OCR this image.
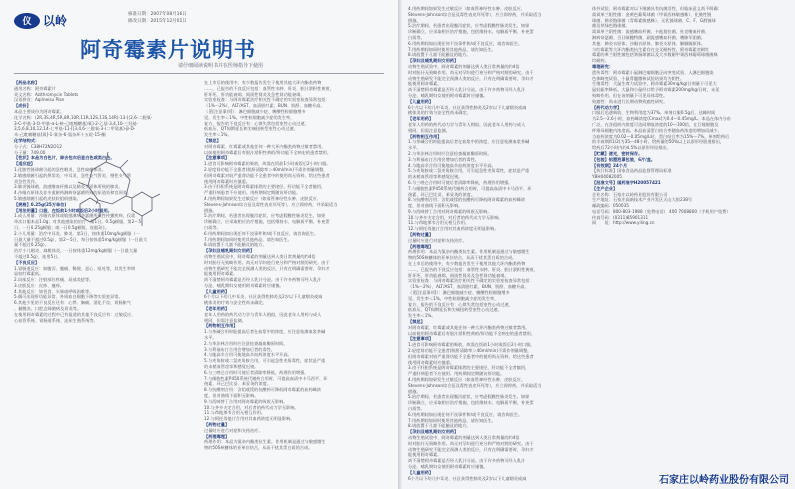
仪 以岭	核准日期：2007年08月16日
修改日期：2015年12月01日
阿奇霉素片说明书
请仔细阅读说明书并在医师指导下使用
【药品名称】
通用名称：阿奇霉素片
英文名称：Azithromycin Tablets
汉语拼音：Aqimeisu Pian
【成份】
本品主要成份为阿奇霉素。
化学名称：(2R,3S,4R,5R,8R,10R,11R,12S,13S,14R)-13-[(2,6-二脱氧-
3-C-甲基-3-O-甲基-α-L-核-己吡喃糖基)氧]-2-乙基-3,4,10-三羟基-
3,5,6,8,10,12,14-七甲基-11-[[3,4,6-三脱氧-3-(二甲氨基)-β-D-
木-己吡喃糖基]氧]-1-氧杂-6-氮杂环十五烷-15-酮
化学结构式：
分子式：C38H72N2O12
分子量：749.00
【性状】本品为白色片，除去包衣后显白色或类白色。
【适应症】
1.化脓性链球菌引起的急性咽炎、急性扁桃体炎。
2.敏感细菌引起的鼻窦炎、中耳炎、急性支气管炎、慢性支气管
炎急性发作。
3.肺炎链球菌、流感嗜血杆菌以及肺炎支原体所致的肺炎。
4.沙眼衣原体及非多重耐药淋病奈瑟菌所致的尿道炎和宫颈炎。
5.敏感细菌引起的皮肤软组织感染。
【规格】0.25g(25万单位)
【用法用量】口服，在饭前1小时或饭后2小时服用。
1.成人用量：沙眼衣原体或敏感淋病奈瑟菌所致性传播疾病，仅需
单次口服本品1.0g；对其他感染的治疗：第1日，0.5g顿服，第2～5
日，一日0.25g顿服；或一日0.5g顿服，连服3日。
2.小儿用量：治疗中耳炎、肺炎，第1日，按体重10mg/kg顿服（一
日最大量不超过0.5g），第2～5日，每日按体重5mg/kg顿服（一日最大
量不超过0.25g）。
治疗小儿咽炎、扁桃体炎，一日按体重12mg/kg顿服（一日最大量
不超过0.5g），连用5日。
【不良反应】
1.胃肠道反应：如腹泻、腹痛、稀便、恶心、呕吐等，其发生率明
显较红霉素低。
2.局部反应：注射部位疼痛、局部炎症等。
3.皮肤反应：皮疹、瘙痒。
4.其他反应：如畏食、头晕或呼吸困难等。
5.偶可出现肝功能异常、外周血白细胞下降等实验室异常。
6.其他少见的不良反应还有：心悸、胸痛、消化不良、胃肠胀气
、黏膜炎、口腔念珠菌病及胃炎等。
在使用阿奇霉素的过程中已有报道的其他不良反应有：过敏反应、
心血管系统、胃肠道系统、泌尿生殖系统等。
在上市后的使用中，有少数报告发生于使用其他大环内酯类药物
……，已报告的不良反应包括：血管性水肿、肝炎、胆汁淤积性黄疸、
肝坏死、肝功能衰竭、间质性肾炎及急性肾功能衰竭。
实验室检查：与阿奇霉素治疗相关性不确定的实验室检查异常包括：
（1%～2%）、ALT/AST、血清胆红素、BUN、肌酐、血糖升高。
（见[注意事项]）：淋巴细胞减少症、嗜酸性粒细胞增多
见，发生率＜1%。中性粒细胞减少症的发生率，
复方，报告的不良反应有：心律失常包括室性心动过速，
低血压、QT间期延长和尖端扭转型室性心动过速。
发生率＜1%。
【禁忌】
对阿奇霉素、红霉素或其他任何一种大环内酯类药物过敏者禁用。
以前使用阿奇霉素后有胆汁淤积性黄疸/肝功能不全病史的患者禁用。
【注意事项】
1.进食可影响阿奇霉素的吸收，故需在饭前1小时或饭后2小时口服。
2.轻度肾功能不全患者(肌酐清除率＞40ml/min)不需作剂量调整，
但阿奇霉素对较严重肾功能不全患者中的使用尚无资料，给这些患者
使用阿奇霉素时应慎重。
3.由于肝胆系统是阿奇霉素排泄的主要途径，肝功能不全者慎用，
严重肝病患者不应使用。用药期间定期随访肝功能。
4.用药期间如果发生过敏反应（如血管神经性水肿、皮肤反应、
Stevens-Johnson综合征及毒性表皮坏死等），应立即停药，并采取适当
措施。
5.治疗期间，若患者出现腹泻症状，应考虑假膜性肠炎发生。如果
诊断确立，应采取相应治疗措施，包括维持水、电解质平衡、补充蛋
白质等。
6.用药期间如出现任何不良事件和/或不良反应，请咨询医生。
7.用药期间如同时使用其他药品，请告知医生。
8.请放置于儿童不能触及的地方。
【孕妇及哺乳期妇女用药】
动物生殖试验中，阿奇霉素的剂量达到人类日常剂量的约4倍
时对胎仔无致畸作用。尚无对孕妇进行充分和严格对照的研究。由于
动物生殖研究不能完全预测人类的反应，只有在明确需要时，孕妇才
能使用阿奇霉素。
尚不清楚阿奇霉素是否经人乳汁分泌。由于许多药物可经人乳汁
分泌，哺乳期妇女使用阿奇霉素时应谨慎。
【儿童用药】
6个月以下幼儿中耳炎、社区获得性肺炎及2岁以下儿童咽炎或扁
桃体炎的疗效与安全性尚未确定。
【老年用药】
老年人用药的药代动力学与青年人相似，因此老年人用药与成人
相同，但需注意监测。
【药物相互作用】
1.与茶碱合用时能提高后者在血浆中的浓度，应注意检测血浆茶碱
水平。
2.与华法林合用时应注意检查凝血酶原时间。
3.与利福布汀合用会增加后者的毒性。
4.与地高辛合用可使地高辛血药浓度水平升高。
5.与麦角胺或二氢麦角胺合用，可引起急性麦角毒性，症状是严重
的末梢血管痉挛和感觉迟钝。
6.与三唑仑合用时可使后者清除率降低，药理作用增强。
7.与细胞色素P450系统代谢药合用时，可提高血清中卡马西平、环
孢素、环己巴比妥、苯妥英的浓度。
8.与抗酸剂合用：含铝或镁的抗酸药可降低阿奇霉素的血药峰浓
度，但对曲线下面积无影响。
9.与西咪替丁合用对阿奇霉素的吸收无影响。
10.与齐多夫定合用，对后者的药代动力学无影响。
11.与茚地那韦合用无相互作用。
12.与阿托伐他汀合用对其血药浓度无明显影响。
【药物过量】
过量时应进行对症和支持治疗。
【药理毒理】
药理作用：本品为氮杂内酯类抗生素。作用机制是通过与敏感微生
物的50S核糖体的亚单位结合，从而干扰其蛋白质的合成。
体外试验，阿奇霉素对以下细菌具有抗菌活性，但临床意义尚不明确：
需氧革兰阳性菌：金黄色葡萄球菌（甲氧西林敏感株）、化脓性链
球菌、肺炎链球菌（青霉素敏感株）、无乳链球菌、C、F、G群链球
菌及草绿色链球菌。
需氧革兰阴性菌：流感嗜血杆菌、卡他莫拉菌、杜克嗜血杆菌、
淋病奈瑟菌、百日咳鲍特菌、副流感嗜血杆菌、嗜肺军团菌。
其他：肺炎衣原体、沙眼衣原体、肺炎支原体、解脲脲原体。
与红霉素等大环内酯类抗生素存在交叉耐药性。阿奇霉素对耐红
霉素的革兰阳性菌包括粪肠球菌以及大多数耐甲氧西林葡萄球菌菌株
均耐药。
毒理研究：
遗传毒性：阿奇霉素小鼠淋巴瘤细胞正向突变试验、人淋巴细胞染
色体畸变试验、小鼠骨髓微核试验结果均为阴性。
生殖毒性：大鼠生育力试验中，阿奇霉素30mg/kg/日剂量下可见大
鼠妊娠率降低。大鼠和小鼠经口给予阿奇霉素200mg/kg/日时，未见
致畸作用，但在该剂量下可见母体毒性。
致癌性：尚未进行长期动物致癌性研究。
【药代动力学】
口服后迅速吸收，生物利用度为37%。单剂口服0.5g后，达峰时间
为2.5～2.6小时，血药峰浓度(Cmax)为0.4～0.45mg/L。本品在体内分布
广泛，在各组织内浓度可达同期血浓度的10～100倍，在巨噬细胞及
纤维母细胞内浓度高。本品血清蛋白结合率随血药浓度的增加而减少，
当血药浓度为0.02～0.05mg/L时，蛋白结合率为15%～7%。单剂给药后
的半衰期(t1/2)为35～48小时。给药量的50%以上以原形经胆道排出，
给药后72小时内约4.5%以原形经尿排出。
【贮藏】遮光，密封保存。
【包装】铝塑泡罩包装，6片/盒。
【有效期】24个月
【执行标准】国家食品药品监督管理局标准
YBH04082005
【批准文号】国药准字H20057421
【生产企业】
企业名称：石家庄以岭药业股份有限公司
生产地址：石家庄高新技术产业开发区天山大街238号
邮政编码：050035
电话号码：800-803-1988（免费电话） 400 7008800（手机用户免费）
传真号码：(0311)85901311
网　　址：http://www.yiling.cn
石家庄以岭药业股份有限公司
4.用药期间如果发生过敏反应（如血管神经性水肿、皮肤反应、
Stevens-Johnson综合征及毒性表皮坏死等），应立即停药，并采取适当
措施。
5.治疗期间，若患者出现腹泻症状，应考虑假膜性肠炎发生。如果
诊断确立，应采取相应治疗措施，包括维持水、电解质平衡、补充蛋
白质等。
6.用药期间如出现任何不良事件和/或不良反应，请咨询医生。
7.用药期间如同时使用其他药品，请告知医生。
8.请放置于儿童不能触及的地方。
【孕妇及哺乳期妇女用药】
动物生殖试验中，阿奇霉素的剂量达到人类日常剂量的约4倍
时对胎仔无致畸作用。尚无对孕妇进行充分和严格对照的研究。由于
动物生殖研究不能完全预测人类的反应，只有在明确需要时，孕妇才
能使用阿奇霉素。
尚不清楚阿奇霉素是否经人乳汁分泌。由于许多药物可经人乳汁
分泌，哺乳期妇女使用阿奇霉素时应谨慎。
【儿童用药】
6个月以下幼儿中耳炎、社区获得性肺炎及2岁以下儿童咽炎或扁
桃体炎的疗效与安全性尚未确定。
【老年用药】
老年人用药的药代动力学与青年人相似，因此老年人用药与成人
相同，但需注意监测。
【药物相互作用】
1.与茶碱合用时能提高后者在血浆中的浓度，应注意检测血浆茶碱
水平。
2.与华法林合用时应注意检查凝血酶原时间。
3.与利福布汀合用会增加后者的毒性。
4.与地高辛合用可使地高辛血药浓度水平升高。
5.与麦角胺或二氢麦角胺合用，可引起急性麦角毒性，症状是严重
的末梢血管痉挛和感觉迟钝。
6.与三唑仑合用时可使后者清除率降低，药理作用增强。
7.与细胞色素P450系统代谢药合用时，可提高血清中卡马西平、环
孢素、环己巴比妥、苯妥英的浓度。
8.与抗酸剂合用：含铝或镁的抗酸药可降低阿奇霉素的血药峰浓
度，但对曲线下面积无影响。
9.与西咪替丁合用对阿奇霉素的吸收无影响。
10.与齐多夫定合用，对后者的药代动力学无影响。
11.与茚地那韦合用无相互作用。
12.与阿托伐他汀合用对其血药浓度无明显影响。
【药物过量】
过量时应进行对症和支持治疗。
【药理毒理】
药理作用：本品为氮杂内酯类抗生素。作用机制是通过与敏感微生
物的50S核糖体的亚单位结合，从而干扰其蛋白质的合成。
在上市后的使用中，有少数报告发生于使用其他大环内酯类药物
……，已报告的不良反应包括：血管性水肿、肝炎、胆汁淤积性黄疸、
肝坏死、肝功能衰竭、间质性肾炎及急性肾功能衰竭。
实验室检查：与阿奇霉素治疗相关性不确定的实验室检查异常包括：
（1%～2%）、ALT/AST、血清胆红素、BUN、肌酐、血糖升高。
（见[注意事项]）：淋巴细胞减少症、嗜酸性粒细胞增多
见，发生率＜1%。中性粒细胞减少症的发生率，
复方，报告的不良反应有：心律失常包括室性心动过速，
低血压、QT间期延长和尖端扭转型室性心动过速。
发生率＜1%。
【禁忌】
对阿奇霉素、红霉素或其他任何一种大环内酯类药物过敏者禁用。
以前使用阿奇霉素后有胆汁淤积性黄疸/肝功能不全病史的患者禁用。
【注意事项】
1.进食可影响阿奇霉素的吸收，故需在饭前1小时或饭后2小时口服。
2.轻度肾功能不全患者(肌酐清除率＞40ml/min)不需作剂量调整，
但阿奇霉素对较严重肾功能不全患者中的使用尚无资料，给这些患者
使用阿奇霉素时应慎重。
3.由于肝胆系统是阿奇霉素排泄的主要途径，肝功能不全者慎用，
严重肝病患者不应使用。用药期间定期随访肝功能。
4.用药期间如果发生过敏反应（如血管神经性水肿、皮肤反应、
Stevens-Johnson综合征及毒性表皮坏死等），应立即停药，并采取适当
措施。
5.治疗期间，若患者出现腹泻症状，应考虑假膜性肠炎发生。如果
诊断确立，应采取相应治疗措施，包括维持水、电解质平衡、补充蛋
白质等。
6.用药期间如出现任何不良事件和/或不良反应，请咨询医生。
7.用药期间如同时使用其他药品，请告知医生。
8.请放置于儿童不能触及的地方。
【孕妇及哺乳期妇女用药】
动物生殖试验中，阿奇霉素的剂量达到人类日常剂量的约4倍
时对胎仔无致畸作用。尚无对孕妇进行充分和严格对照的研究。由于
动物生殖研究不能完全预测人类的反应，只有在明确需要时，孕妇才
能使用阿奇霉素。
尚不清楚阿奇霉素是否经人乳汁分泌。由于许多药物可经人乳汁
分泌，哺乳期妇女使用阿奇霉素时应谨慎。
【儿童用药】
6个月以下幼儿中耳炎、社区获得性肺炎及2岁以下儿童咽炎或扁
